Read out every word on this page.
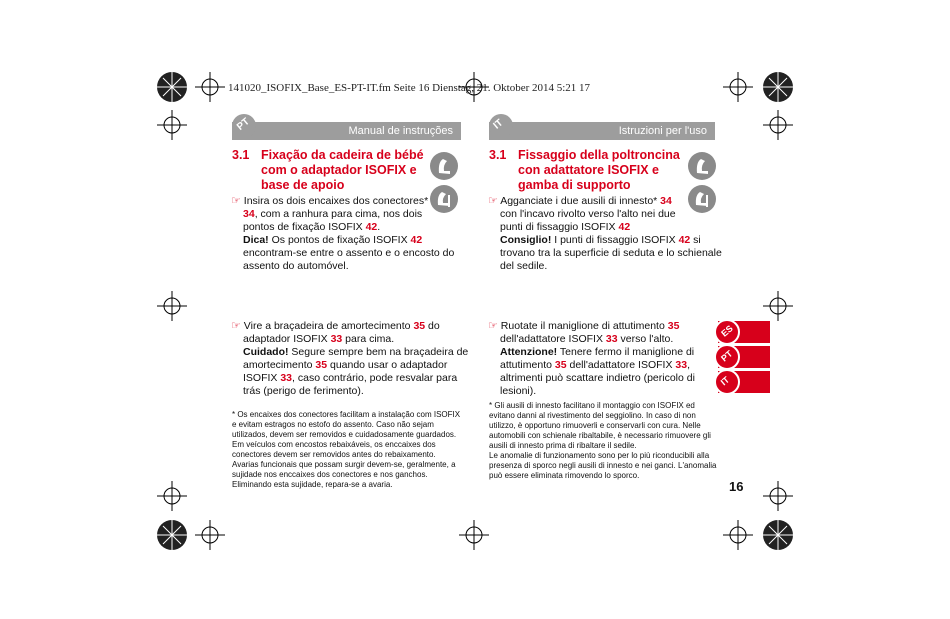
141020_ISOFIX_Base_ES-PT-IT.fm Seite 16 Dienstag, 21. Oktober 2014 5:21 17
Manual de instruções
PT
3.1 Fixação da cadeira de bébé
com o adaptador ISOFIX e
base de apoio
☞ Insira os dois encaixes dos conectores*
34, com a ranhura para cima, nos dois
pontos de fixação ISOFIX 42.
Dica! Os pontos de fixação ISOFIX 42
encontram-se entre o assento e o encosto do
assento do automóvel.
☞ Vire a braçadeira de amortecimento 35 do
adaptador ISOFIX 33 para cima.
Cuidado! Segure sempre bem na braçadeira de
amortecimento 35 quando usar o adaptador
ISOFIX 33, caso contrário, pode resvalar para
trás (perigo de ferimento).
* Os encaixes dos conectores facilitam a instalação com ISOFIX
e evitam estragos no estofo do assento. Caso não sejam
utilizados, devem ser removidos e cuidadosamente guardados.
Em veículos com encostos rebaixáveis, os enccaixes dos
conectores devem ser removidos antes do rebaixamento.
Avarias funcionais que possam surgir devem-se, geralmente, a
sujidade nos enccaixes dos conectores e nos ganchos.
Eliminando esta sujidade, repara-se a avaria.
Istruzioni per l'uso
IT
3.1 Fissaggio della poltroncina
con adattatore ISOFIX e
gamba di supporto
☞ Agganciate i due ausili di innesto* 34
con l'incavo rivolto verso l'alto nei due
punti di fissaggio ISOFIX 42
Consiglio! I punti di fissaggio ISOFIX 42 si
trovano tra la superficie di seduta e lo schienale
del sedile.
☞ Ruotate il maniglione di attutimento 35
dell'adattatore ISOFIX 33 verso l'alto.
Attenzione! Tenere fermo il maniglione di
attutimento 35 dell'adattatore ISOFIX 33,
altrimenti può scattare indietro (pericolo di
lesioni).
* Gli ausili di innesto facilitano il montaggio con ISOFIX ed
evitano danni al rivestimento del seggiolino. In caso di non
utilizzo, è opportuno rimuoverli e conservarli con cura. Nelle
automobili con schienale ribaltabile, è necessario rimuovere gli
ausili di innesto prima di ribaltare il sedile.
Le anomalie di funzionamento sono per lo più riconducibili alla
presenza di sporco negli ausili di innesto e nei ganci. L'anomalia
può essere eliminata rimovendo lo sporco.
ES
PT
IT
16
